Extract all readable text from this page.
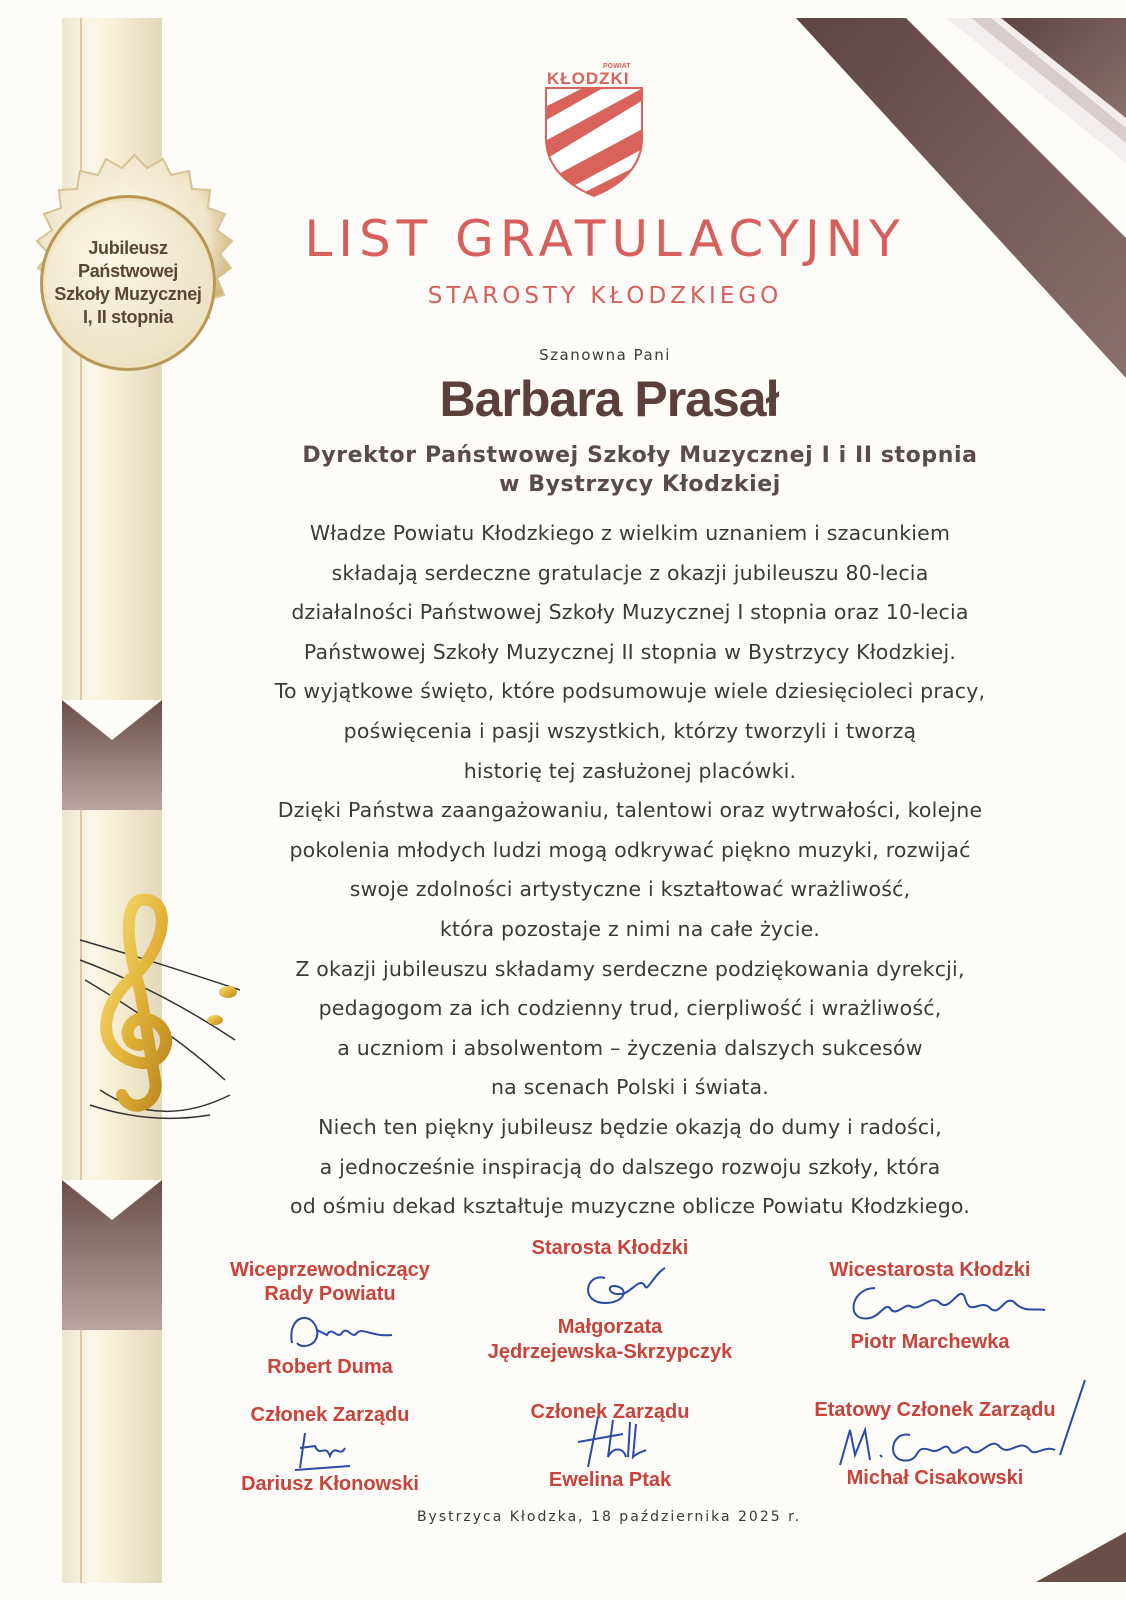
Jubileusz
Państwowej
Szkoły Muzycznej
I, II stopnia
POWIAT
KŁODZKI
LIST GRATULACYJNY
STAROSTY KŁODZKIEGO
Szanowna Pani
Barbara Prasał
Dyrektor Państwowej Szkoły Muzycznej I i II stopnia
w Bystrzycy Kłodzkiej
Władze Powiatu Kłodzkiego z wielkim uznaniem i szacunkiem
składają serdeczne gratulacje z okazji jubileuszu 80-lecia
działalności Państwowej Szkoły Muzycznej I stopnia oraz 10-lecia
Państwowej Szkoły Muzycznej II stopnia w Bystrzycy Kłodzkiej.
To wyjątkowe święto, które podsumowuje wiele dziesięcioleci pracy,
poświęcenia i pasji wszystkich, którzy tworzyli i tworzą
historię tej zasłużonej placówki.
Dzięki Państwa zaangażowaniu, talentowi oraz wytrwałości, kolejne
pokolenia młodych ludzi mogą odkrywać piękno muzyki, rozwijać
swoje zdolności artystyczne i kształtować wrażliwość,
która pozostaje z nimi na całe życie.
Z okazji jubileuszu składamy serdeczne podziękowania dyrekcji,
pedagogom za ich codzienny trud, cierpliwość i wrażliwość,
a uczniom i absolwentom – życzenia dalszych sukcesów
na scenach Polski i świata.
Niech ten piękny jubileusz będzie okazją do dumy i radości,
a jednocześnie inspiracją do dalszego rozwoju szkoły, która
od ośmiu dekad kształtuje muzyczne oblicze Powiatu Kłodzkiego.
Wiceprzewodniczący
Rady Powiatu
Robert Duma
Starosta Kłodzki
Małgorzata
Jędrzejewska-Skrzypczyk
Wicestarosta Kłodzki
Piotr Marchewka
Członek Zarządu
Dariusz Kłonowski
Członek Zarządu
Ewelina Ptak
Etatowy Członek Zarządu
Michał Cisakowski
Bystrzyca Kłodzka, 18 października 2025 r.
